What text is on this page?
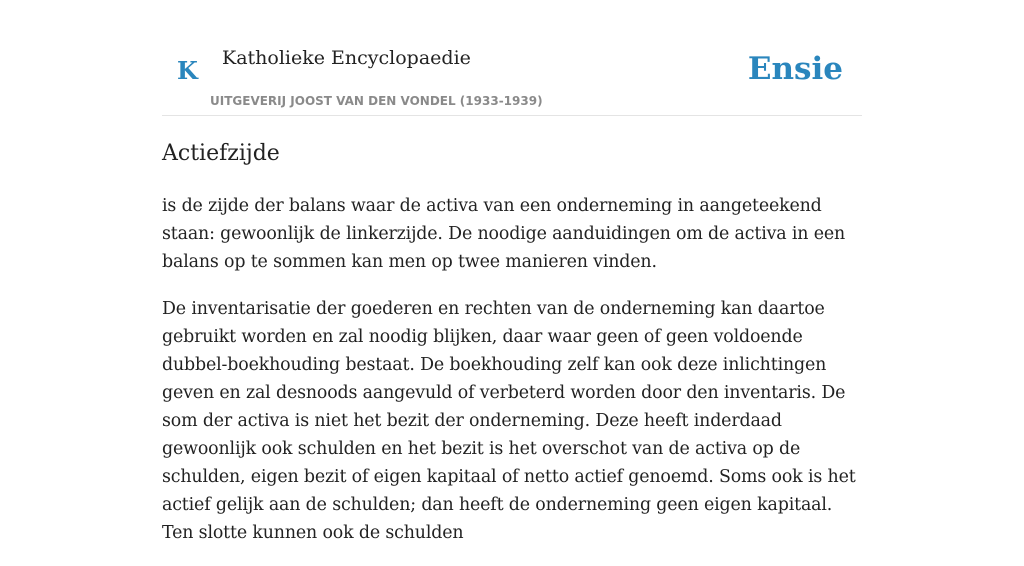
K Katholieke Encyclopaedie
UITGEVERIJ JOOST VAN DEN VONDEL (1933-1939)
Ensie
Actiefzijde

is de zijde der balans waar de activa van een onderneming in aangeteekend staan: gewoonlijk de linkerzijde. De noodige aanduidingen om de activa in een balans op te sommen kan men op twee manieren vinden.

De inventarisatie der goederen en rechten van de onderneming kan daartoe gebruikt worden en zal noodig blijken, daar waar geen of geen voldoende dubbel-boekhouding bestaat. De boekhouding zelf kan ook deze inlichtingen geven en zal desnoods aangevuld of verbeterd worden door den inventaris. De som der activa is niet het bezit der onderneming. Deze heeft inderdaad gewoonlijk ook schulden en het bezit is het overschot van de activa op de schulden, eigen bezit of eigen kapitaal of netto actief genoemd. Soms ook is het actief gelijk aan de schulden; dan heeft de onderneming geen eigen kapitaal. Ten slotte kunnen ook de schulden
